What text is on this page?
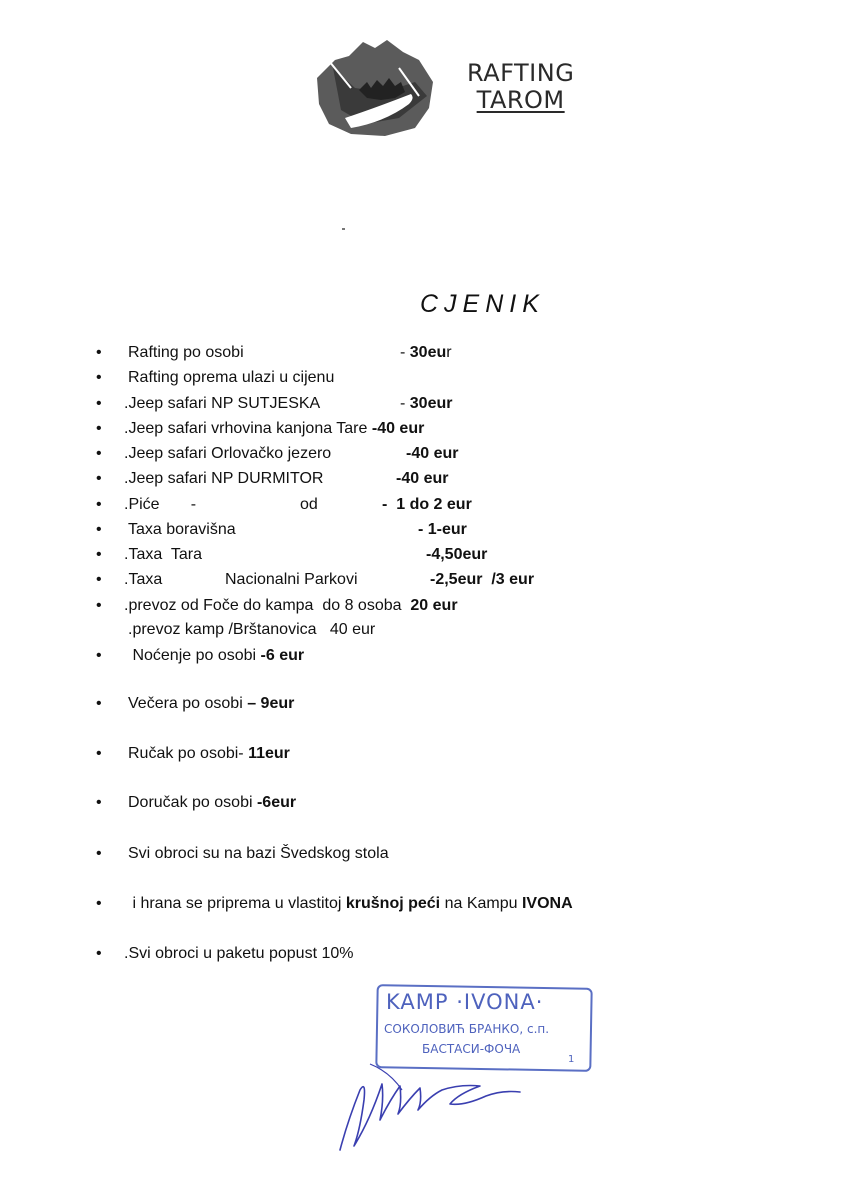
RAFTING
TAROM
CJENIK
•	Rafting po osobi	- 30eur
•	Rafting oprema ulazi u cijenu
•	.Jeep safari NP SUTJESKA	- 30eur
•	.Jeep safari vrhovina kanjona Tare -40 eur
•	.Jeep safari Orlovačko jezero	-40 eur
•	.Jeep safari NP DURMITOR	-40 eur
•	.Piće       -	od	-  1 do 2 eur
•	Taxa boravišna	- 1-eur
•	.Taxa  Tara	-4,50eur
•	.Taxa	Nacionalni Parkovi	-2,5eur  /3 eur
•	.prevoz od Foče do kampa  do 8 osoba  20 eur
.prevoz kamp /Brštanovica   40 eur
•	Noćenje po osobi -6 eur
•	Večera po osobi – 9eur
•	Ručak po osobi- 11eur
•	Doručak po osobi -6eur
•	Svi obroci su na bazi Švedskog stola
•	i hrana se priprema u vlastitoj krušnoj peći na Kampu IVONA
•	.Svi obroci u paketu popust 10%
KAMP ·IVONA·
СОКОЛОВИЋ БРАНКО, с.п.
БАСТАСИ-ФОЧА
1
